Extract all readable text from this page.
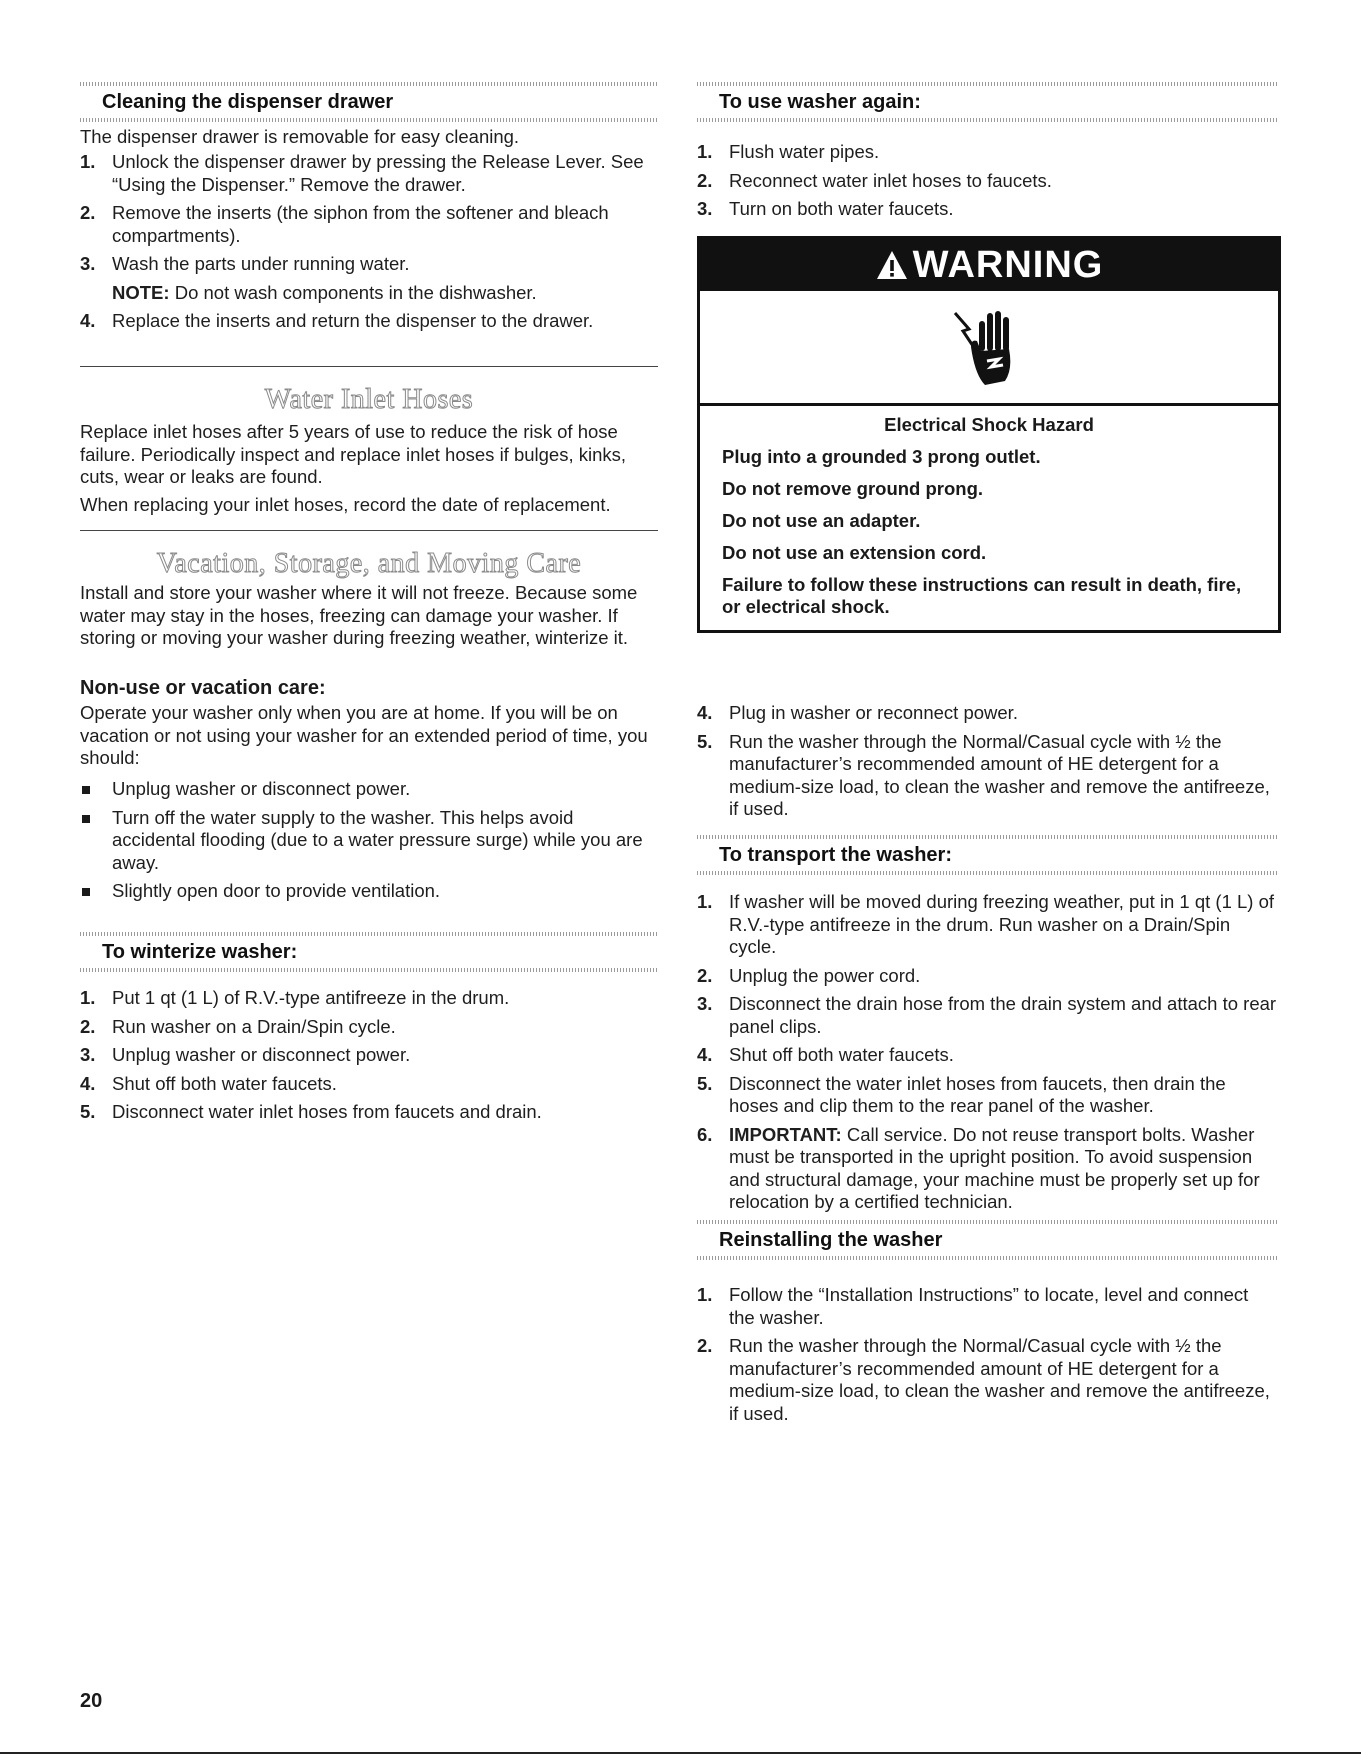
Cleaning the dispenser drawer

The dispenser drawer is removable for easy cleaning.

1. Unlock the dispenser drawer by pressing the Release Lever. See “Using the Dispenser.” Remove the drawer.
2. Remove the inserts (the siphon from the softener and bleach compartments).
3. Wash the parts under running water.
NOTE: Do not wash components in the dishwasher.
4. Replace the inserts and return the dispenser to the drawer.
Water Inlet Hoses

Replace inlet hoses after 5 years of use to reduce the risk of hose failure. Periodically inspect and replace inlet hoses if bulges, kinks, cuts, wear or leaks are found.

When replacing your inlet hoses, record the date of replacement.

Vacation, Storage, and Moving Care

Install and store your washer where it will not freeze. Because some water may stay in the hoses, freezing can damage your washer. If storing or moving your washer during freezing weather, winterize it.

Non-use or vacation care:

Operate your washer only when you are at home. If you will be on vacation or not using your washer for an extended period of time, you should:

Unplug washer or disconnect power.
Turn off the water supply to the washer. This helps avoid accidental flooding (due to a water pressure surge) while you are away.
Slightly open door to provide ventilation.
To winterize washer:
1. Put 1 qt (1 L) of R.V.-type antifreeze in the drum.
2. Run washer on a Drain/Spin cycle.
3. Unplug washer or disconnect power.
4. Shut off both water faucets.
5. Disconnect water inlet hoses from faucets and drain.
To use washer again:
1. Flush water pipes.
2. Reconnect water inlet hoses to faucets.
3. Turn on both water faucets.
WARNING

Electrical Shock Hazard

Plug into a grounded 3 prong outlet.

Do not remove ground prong.

Do not use an adapter.

Do not use an extension cord.

Failure to follow these instructions can result in death, fire, or electrical shock.

4. Plug in washer or reconnect power.
5. Run the washer through the Normal/Casual cycle with ½ the manufacturer’s recommended amount of HE detergent for a medium-size load, to clean the washer and remove the antifreeze, if used.
To transport the washer:
1. If washer will be moved during freezing weather, put in 1 qt (1 L) of R.V.-type antifreeze in the drum. Run washer on a Drain/Spin cycle.
2. Unplug the power cord.
3. Disconnect the drain hose from the drain system and attach to rear panel clips.
4. Shut off both water faucets.
5. Disconnect the water inlet hoses from faucets, then drain the hoses and clip them to the rear panel of the washer.
6. IMPORTANT: Call service. Do not reuse transport bolts. Washer must be transported in the upright position. To avoid suspension and structural damage, your machine must be properly set up for relocation by a certified technician.
Reinstalling the washer
1. Follow the “Installation Instructions” to locate, level and connect the washer.
2. Run the washer through the Normal/Casual cycle with ½ the manufacturer’s recommended amount of HE detergent for a medium-size load, to clean the washer and remove the antifreeze, if used.
20
